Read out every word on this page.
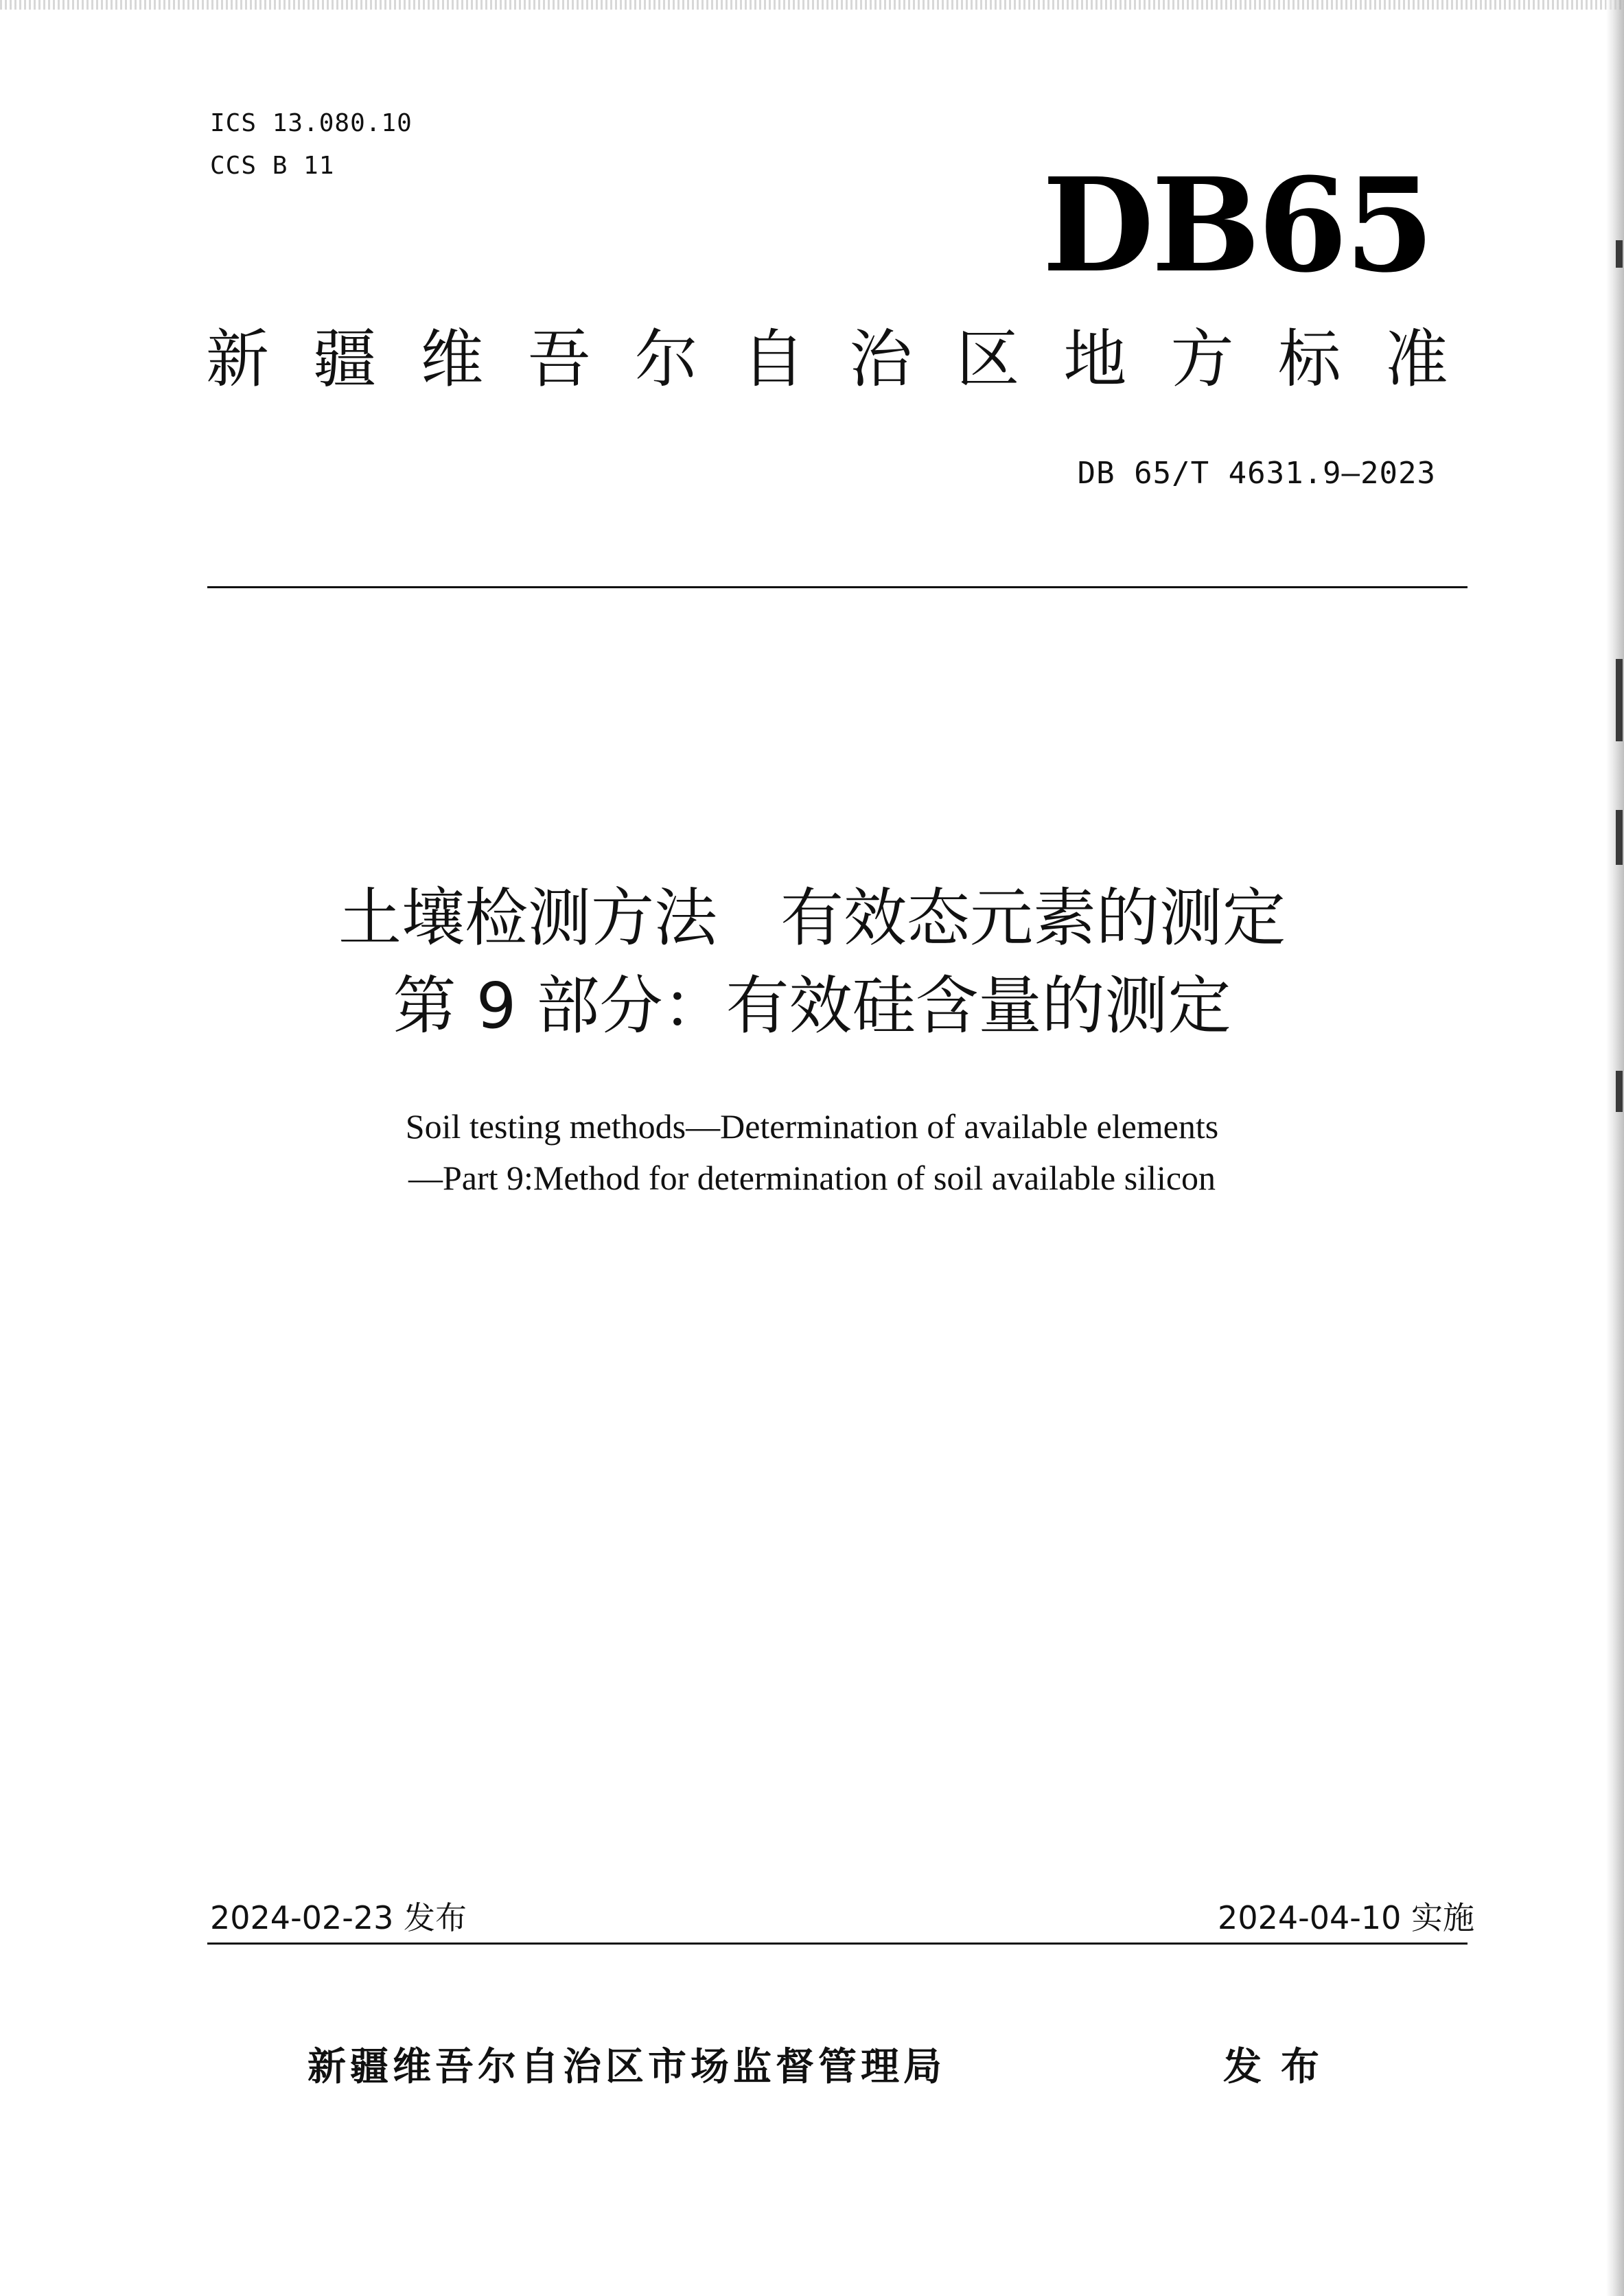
ICS 13.080.10
CCS B 11	DB65
新 疆 维 吾 尔 自 治 区 地 方 标 准
DB 65/T 4631.9—2023
土壤检测方法　有效态元素的测定
第 9 部分：有效硅含量的测定
Soil testing methods—Determination of available elements
—Part 9:Method for determination of soil available silicon
2024-02-23 发布	2024-04-10 实施
新疆维吾尔自治区市场监督管理局	发布
